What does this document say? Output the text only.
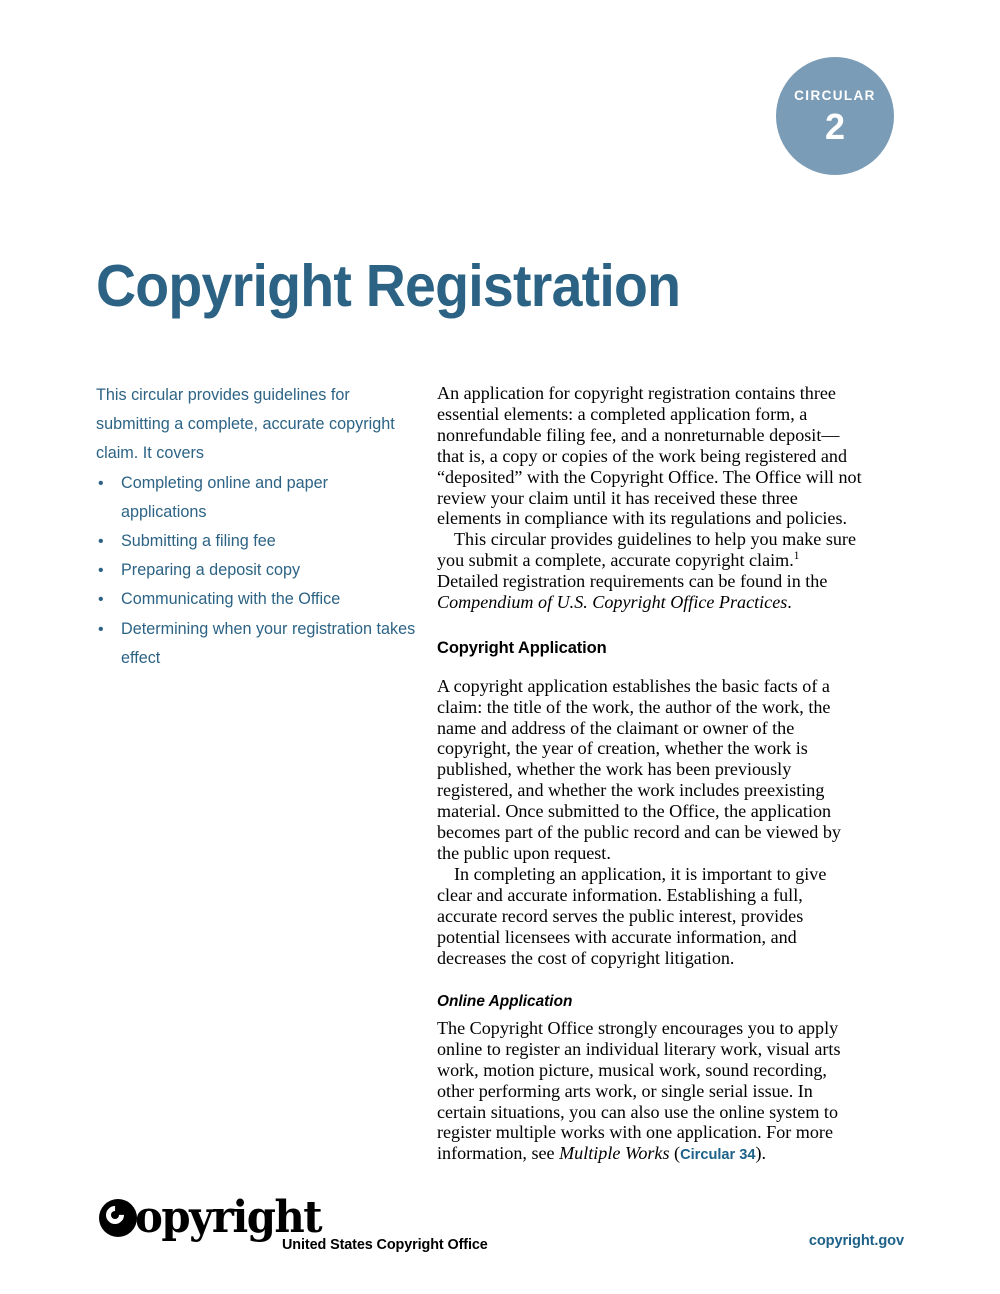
CIRCULAR
2
Copyright Registration

This circular provides guidelines for submitting a complete, accurate copyright claim. It covers

• Completing online and paper applications
• Submitting a filing fee
• Preparing a deposit copy
• Communicating with the Office
• Determining when your registration takes effect

An application for copyright registration contains three essential elements: a completed application form, a nonrefundable filing fee, and a nonreturnable deposit—that is, a copy or copies of the work being registered and “deposited” with the Copyright Office. The Office will not review your claim until it has received these three elements in compliance with its regulations and policies.

This circular provides guidelines to help you make sure you submit a complete, accurate copyright claim.$^1$ Detailed registration requirements can be found in the Compendium of U.S. Copyright Office Practices.

Copyright Application

A copyright application establishes the basic facts of a claim: the title of the work, the author of the work, the name and address of the claimant or owner of the copyright, the year of creation, whether the work is published, whether the work has been previously registered, and whether the work includes preexisting material. Once submitted to the Office, the application becomes part of the public record and can be viewed by the public upon request.

In completing an application, it is important to give clear and accurate information. Establishing a full, accurate record serves the public interest, provides potential licensees with accurate information, and decreases the cost of copyright litigation.

Online Application

The Copyright Office strongly encourages you to apply online to register an individual literary work, visual arts work, motion picture, musical work, sound recording, other performing arts work, or single serial issue. In certain situations, you can also use the online system to register multiple works with one application. For more information, see Multiple Works (Circular 34).

opyright
United States Copyright Office	copyright.gov
